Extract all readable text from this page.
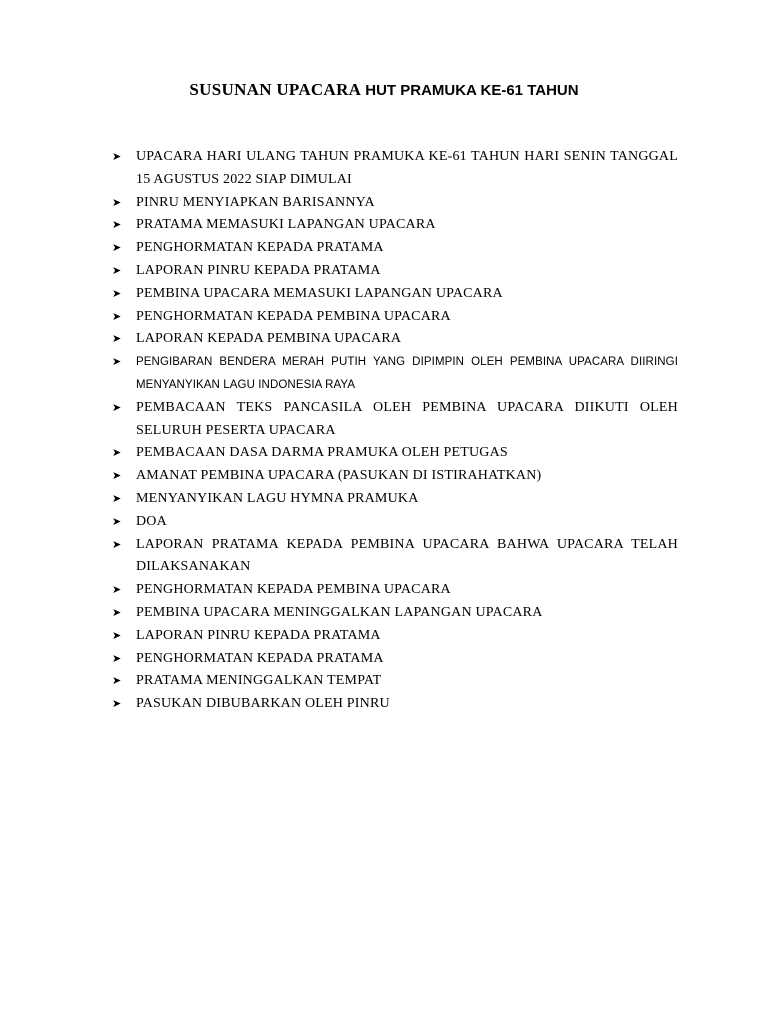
SUSUNAN UPACARA HUT PRAMUKA KE-61 TAHUN
➤	UPACARA HARI ULANG TAHUN PRAMUKA KE-61 TAHUN HARI SENIN TANGGAL 15 AGUSTUS 2022 SIAP DIMULAI
➤	PINRU MENYIAPKAN BARISANNYA
➤	PRATAMA MEMASUKI LAPANGAN UPACARA
➤	PENGHORMATAN KEPADA PRATAMA
➤	LAPORAN PINRU KEPADA PRATAMA
➤	PEMBINA UPACARA MEMASUKI LAPANGAN UPACARA
➤	PENGHORMATAN KEPADA PEMBINA UPACARA
➤	LAPORAN KEPADA PEMBINA UPACARA
➤	PENGIBARAN BENDERA MERAH PUTIH YANG DIPIMPIN OLEH PEMBINA UPACARA DIIRINGI MENYANYIKAN LAGU INDONESIA RAYA
➤	PEMBACAAN TEKS PANCASILA OLEH PEMBINA UPACARA DIIKUTI OLEH SELURUH PESERTA UPACARA
➤	PEMBACAAN DASA DARMA PRAMUKA OLEH PETUGAS
➤	AMANAT PEMBINA UPACARA (PASUKAN DI ISTIRAHATKAN)
➤	MENYANYIKAN LAGU HYMNA PRAMUKA
➤	DOA
➤	LAPORAN PRATAMA KEPADA PEMBINA UPACARA BAHWA UPACARA TELAH DILAKSANAKAN
➤	PENGHORMATAN KEPADA PEMBINA UPACARA
➤	PEMBINA UPACARA MENINGGALKAN LAPANGAN UPACARA
➤	LAPORAN PINRU KEPADA PRATAMA
➤	PENGHORMATAN KEPADA PRATAMA
➤	PRATAMA MENINGGALKAN TEMPAT
➤	PASUKAN DIBUBARKAN OLEH PINRU
